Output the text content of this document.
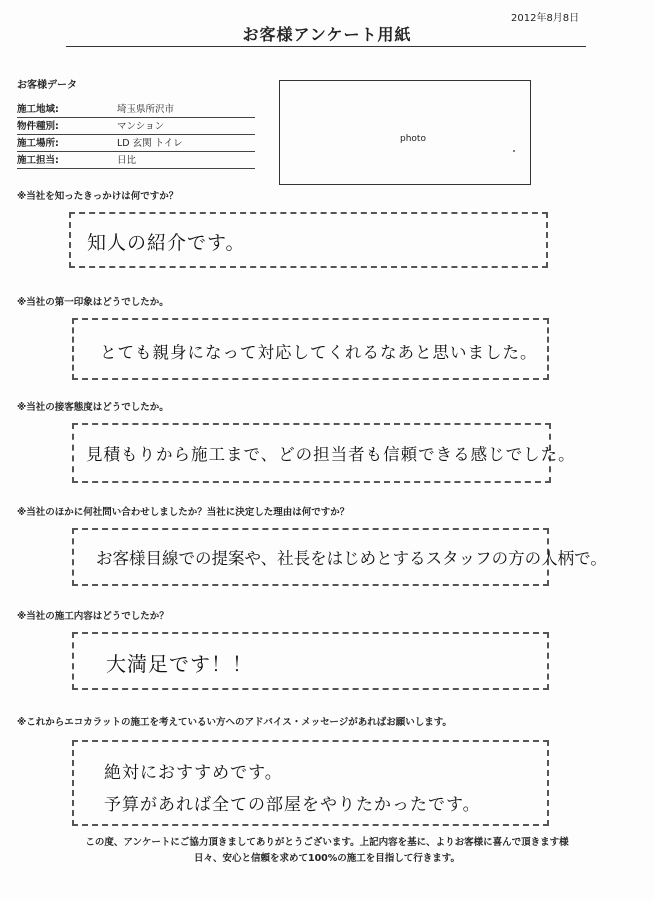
2012年8月8日
お客様アンケート用紙
お客様データ
施工地域:	埼玉県所沢市
物件種別:	マンション
施工場所:	LD 玄関 トイレ
施工担当:	日比
photo
※当社を知ったきっかけは何ですか？
知人の紹介です。
※当社の第一印象はどうでしたか。
とても親身になって対応してくれるなあと思いました。
※当社の接客態度はどうでしたか。
見積もりから施工まで、どの担当者も信頼できる感じでした。
※当社のほかに何社問い合わせしましたか？当社に決定した理由は何ですか？
お客様目線での提案や、社長をはじめとするスタッフの方の人柄で。
※当社の施工内容はどうでしたか？
大満足です！！
※これからエコカラットの施工を考えているい方へのアドバイス・メッセージがあればお願いします。
絶対におすすめです。
予算があれば全ての部屋をやりたかったです。
この度、アンケートにご協力頂きましてありがとうございます。上記内容を基に、よりお客様に喜んで頂きます様
日々、安心と信頼を求めて100%の施工を目指して行きます。
